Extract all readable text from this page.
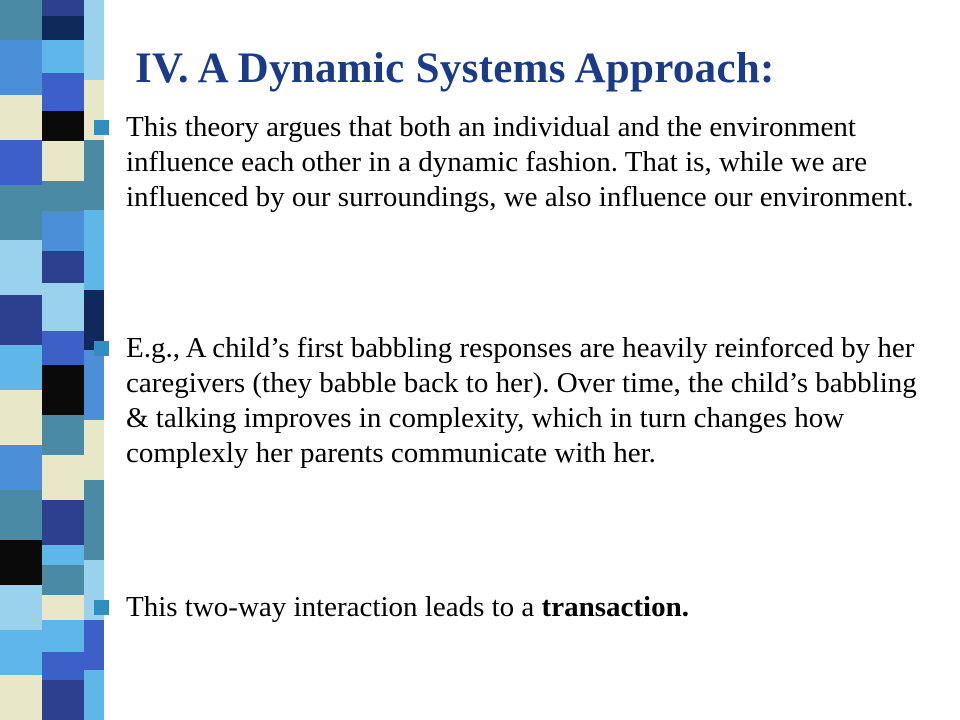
IV. A Dynamic Systems Approach:
This theory argues that both an individual and the environment influence each other in a dynamic fashion. That is, while we are influenced by our surroundings, we also influence our environment.
E.g., A child’s first babbling responses are heavily reinforced by her caregivers (they babble back to her). Over time, the child’s babbling & talking improves in complexity, which in turn changes how complexly her parents communicate with her.
This two-way interaction leads to a transaction.
